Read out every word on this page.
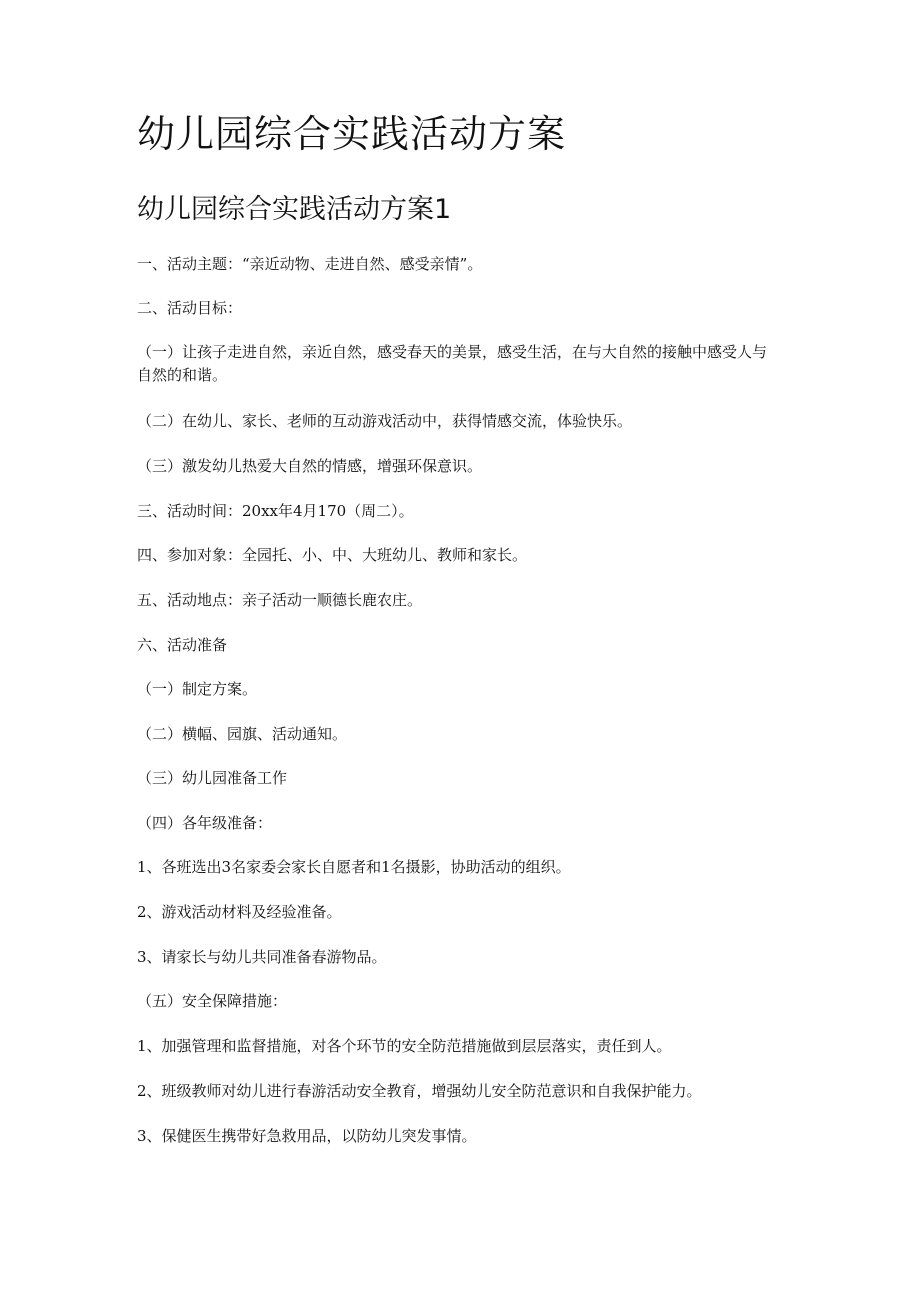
幼儿园综合实践活动方案
幼儿园综合实践活动方案1

一、活动主题：“亲近动物、走进自然、感受亲情”。

二、活动目标：

（一）让孩子走进自然，亲近自然，感受春天的美景，感受生活，在与大自然的接触中感受人与自然的和谐。

（二）在幼儿、家长、老师的互动游戏活动中，获得情感交流，体验快乐。

（三）激发幼儿热爱大自然的情感，增强环保意识。

三、活动时间：20xx年4月170（周二）。

四、参加对象：全园托、小、中、大班幼儿、教师和家长。

五、活动地点：亲子活动一顺德长鹿农庄。

六、活动准备

（一）制定方案。

（二）横幅、园旗、活动通知。

（三）幼儿园准备工作

（四）各年级准备：

1、各班选出3名家委会家长自愿者和1名摄影，协助活动的组织。

2、游戏活动材料及经验准备。

3、请家长与幼儿共同准备春游物品。

（五）安全保障措施：

1、加强管理和监督措施，对各个环节的安全防范措施做到层层落实，责任到人。

2、班级教师对幼儿进行春游活动安全教育，增强幼儿安全防范意识和自我保护能力。

3、保健医生携带好急救用品，以防幼儿突发事情。
